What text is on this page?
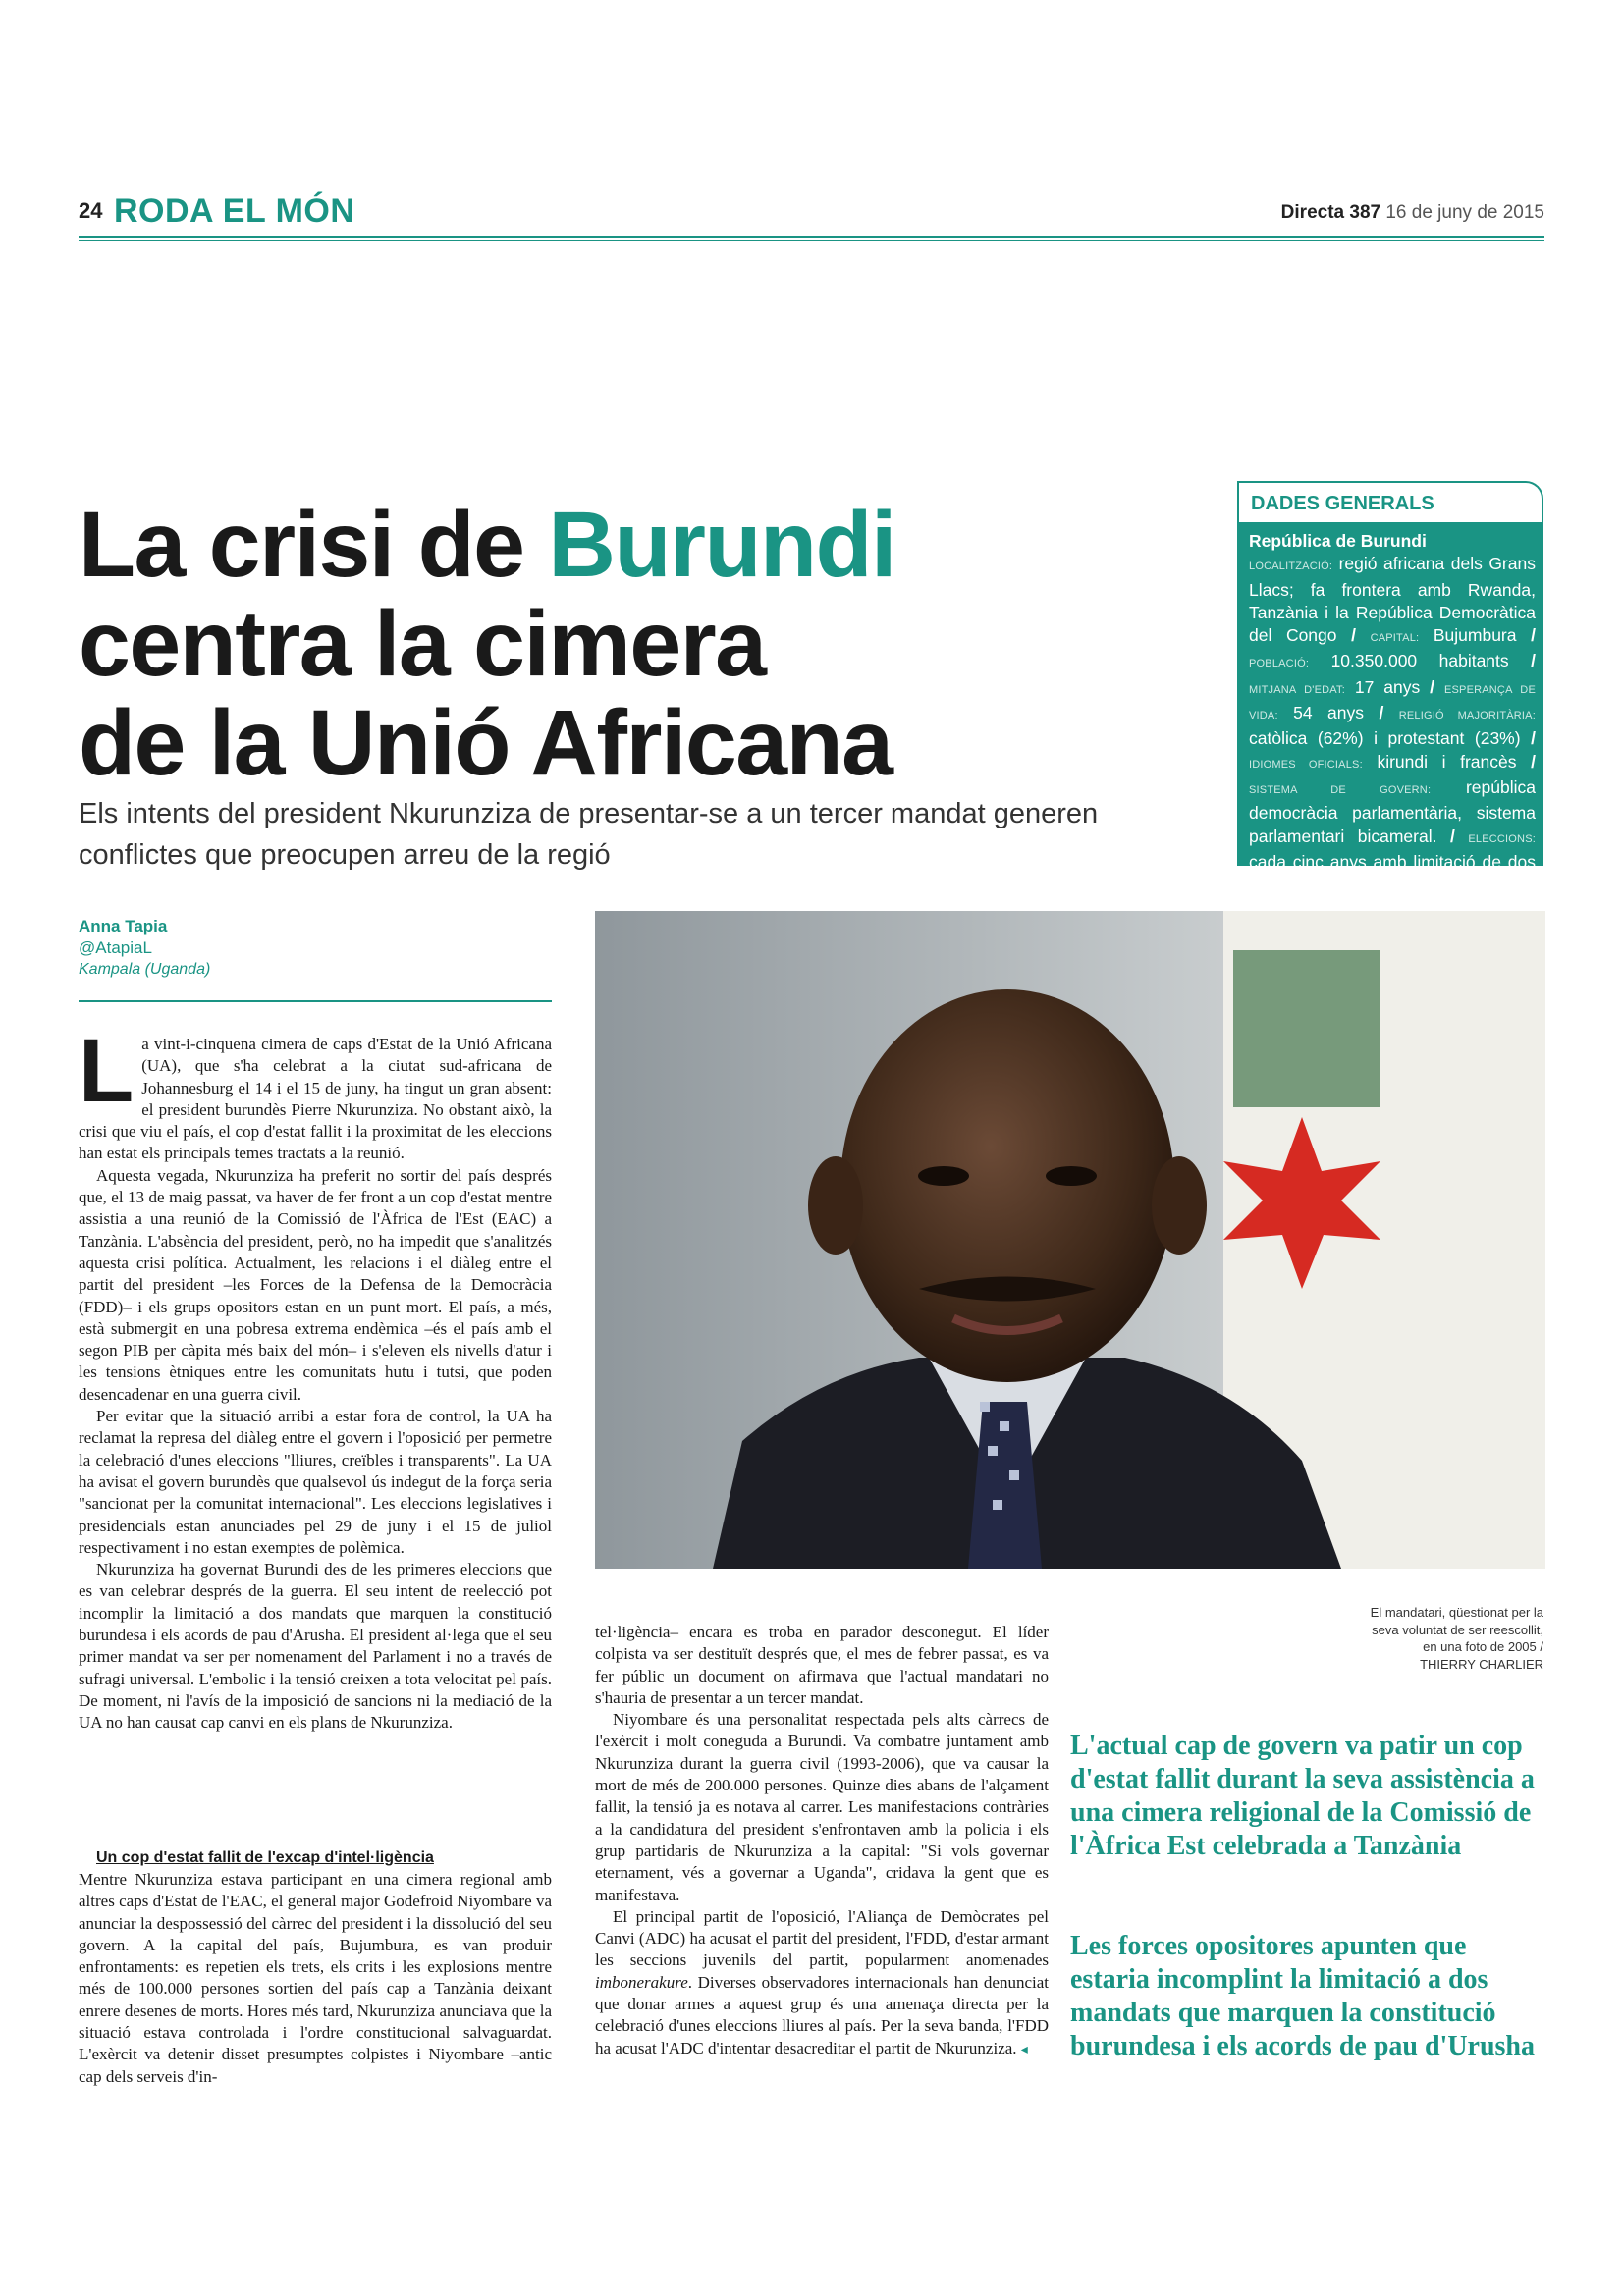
24 RODA EL MÓN	Directa 387 16 de juny de 2015
La crisi de Burundi
centra la cimera
de la Unió Africana
Els intents del president Nkurunziza de presentar-se a un tercer mandat generen conflictes que preocupen arreu de la regió
DADES GENERALS
República de Burundi
LOCALITZACIÓ: regió africana dels Grans Llacs; fa frontera amb Rwanda, Tanzània i la República Democràtica del Congo / CAPITAL: Bujumbura / POBLACIÓ: 10.350.000 habitants / MITJANA D'EDAT: 17 anys / ESPERANÇA DE VIDA: 54 anys / RELIGIÓ MAJORITÀRIA: catòlica (62%) i protestant (23%) / IDIOMES OFICIALS: kirundi i francès / SISTEMA DE GOVERN: república democràcia parlamentària, sistema parlamentari bicameral. / ELECCIONS: cada cinc anys amb limitació de dos mandats consecutius.
Anna Tapia
@AtapiaL
Kampala (Uganda)
El mandatari, qüestionat per la seva voluntat de ser reescollit, en una foto de 2005 / THIERRY CHARLIER

La vint-i-cinquena cimera de caps d'Estat de la Unió Africana (UA), que s'ha celebrat a la ciutat sud-africana de Johannesburg el 14 i el 15 de juny, ha tingut un gran absent: el president burundès Pierre Nkurunziza. No obstant això, la crisi que viu el país, el cop d'estat fallit i la proximitat de les eleccions han estat els principals temes tractats a la reunió.

Aquesta vegada, Nkurunziza ha preferit no sortir del país després que, el 13 de maig passat, va haver de fer front a un cop d'estat mentre assistia a una reunió de la Comissió de l'Àfrica de l'Est (EAC) a Tanzània. L'absència del president, però, no ha impedit que s'analitzés aquesta crisi política. Actualment, les relacions i el diàleg entre el partit del president –les Forces de la Defensa de la Democràcia (FDD)– i els grups opositors estan en un punt mort. El país, a més, està submergit en una pobresa extrema endèmica –és el país amb el segon PIB per càpita més baix del món– i s'eleven els nivells d'atur i les tensions ètniques entre les comunitats hutu i tutsi, que poden desencadenar en una guerra civil.

Per evitar que la situació arribi a estar fora de control, la UA ha reclamat la represa del diàleg entre el govern i l'oposició per permetre la celebració d'unes eleccions "lliures, creïbles i transparents". La UA ha avisat el govern burundès que qualsevol ús indegut de la força seria "sancionat per la comunitat internacional". Les eleccions legislatives i presidencials estan anunciades pel 29 de juny i el 15 de juliol respectivament i no estan exemptes de polèmica.

Nkurunziza ha governat Burundi des de les primeres eleccions que es van celebrar després de la guerra. El seu intent de reelecció pot incomplir la limitació a dos mandats que marquen la constitució burundesa i els acords de pau d'Arusha. El president al·lega que el seu primer mandat va ser per nomenament del Parlament i no a través de sufragi universal. L'embolic i la tensió creixen a tota velocitat pel país. De moment, ni l'avís de la imposició de sancions ni la mediació de la UA no han causat cap canvi en els plans de Nkurunziza.

Un cop d'estat fallit de l'excap d'intel·ligència

Mentre Nkurunziza estava participant en una cimera regional amb altres caps d'Estat de l'EAC, el general major Godefroid Niyombare va anunciar la despossessió del càrrec del president i la dissolució del seu govern. A la capital del país, Bujumbura, es van produir enfrontaments: es repetien els trets, els crits i les explosions mentre més de 100.000 persones sortien del país cap a Tanzània deixant enrere desenes de morts. Hores més tard, Nkurunziza anunciava que la situació estava controlada i l'ordre constitucional salvaguardat. L'exèrcit va detenir disset presumptes colpistes i Niyombare –antic cap dels serveis d'in-

tel·ligència– encara es troba en parador desconegut. El líder colpista va ser destituït després que, el mes de febrer passat, es va fer públic un document on afirmava que l'actual mandatari no s'hauria de presentar a un tercer mandat.

Niyombare és una personalitat respectada pels alts càrrecs de l'exèrcit i molt coneguda a Burundi. Va combatre juntament amb Nkurunziza durant la guerra civil (1993-2006), que va causar la mort de més de 200.000 persones. Quinze dies abans de l'alçament fallit, la tensió ja es notava al carrer. Les manifestacions contràries a la candidatura del president s'enfrontaven amb la policia i els grup partidaris de Nkurunziza a la capital: "Si vols governar eternament, vés a governar a Uganda", cridava la gent que es manifestava.

El principal partit de l'oposició, l'Aliança de Demòcrates pel Canvi (ADC) ha acusat el partit del president, l'FDD, d'estar armant les seccions juvenils del partit, popularment anomenades imbonerakure. Diverses observadores internacionals han denunciat que donar armes a aquest grup és una amenaça directa per la celebració d'unes eleccions lliures al país. Per la seva banda, l'FDD ha acusat l'ADC d'intentar desacreditar el partit de Nkurunziza. ◂

L'actual cap de govern va patir un cop d'estat fallit durant la seva assistència a una cimera religional de la Comissió de l'Àfrica Est celebrada a Tanzània
Les forces opositores apunten que estaria incomplint la limitació a dos mandats que marquen la constitució burundesa i els acords de pau d'Urusha
